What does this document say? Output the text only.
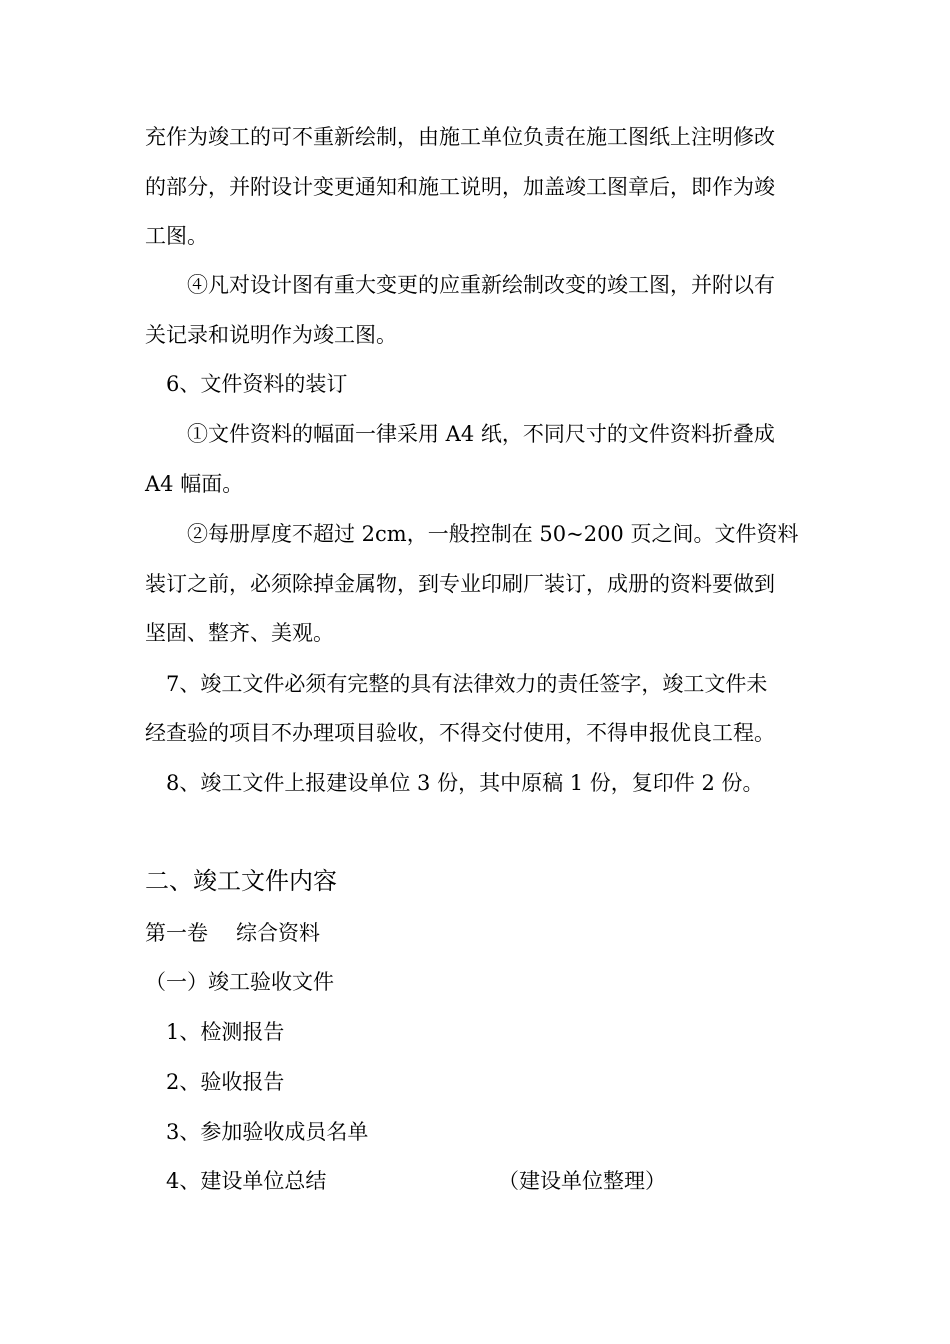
充作为竣工的可不重新绘制，由施工单位负责在施工图纸上注明修改
的部分，并附设计变更通知和施工说明，加盖竣工图章后，即作为竣
工图。
④凡对设计图有重大变更的应重新绘制改变的竣工图，并附以有
关记录和说明作为竣工图。
6、文件资料的装订
①文件资料的幅面一律采用 A4 纸，不同尺寸的文件资料折叠成
A4 幅面。
②每册厚度不超过 2cm，一般控制在 50~200 页之间。文件资料
装订之前，必须除掉金属物，到专业印刷厂装订，成册的资料要做到
坚固、整齐、美观。
7、竣工文件必须有完整的具有法律效力的责任签字，竣工文件未
经查验的项目不办理项目验收，不得交付使用，不得申报优良工程。
8、竣工文件上报建设单位 3 份，其中原稿 1 份，复印件 2 份。
二、竣工文件内容
第一卷 综合资料
（一）竣工验收文件
1、检测报告
2、验收报告
3、参加验收成员名单
4、建设单位总结	（建设单位整理）
